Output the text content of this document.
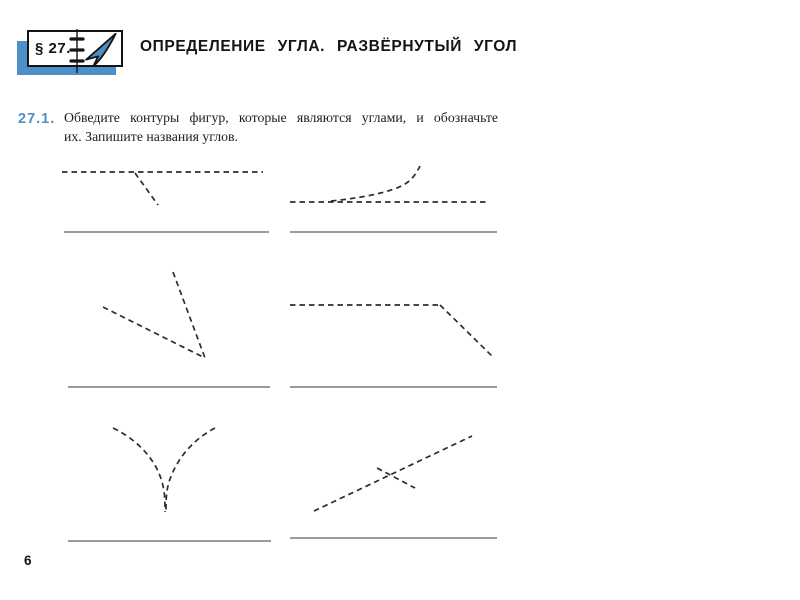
§ 27.	ОПРЕДЕЛЕНИЕ УГЛА. РАЗВЁРНУТЫЙ УГОЛ
27.1. Обведите контуры фигур, которые являются углами, и обозначьте
их. Запишите названия углов.
6
